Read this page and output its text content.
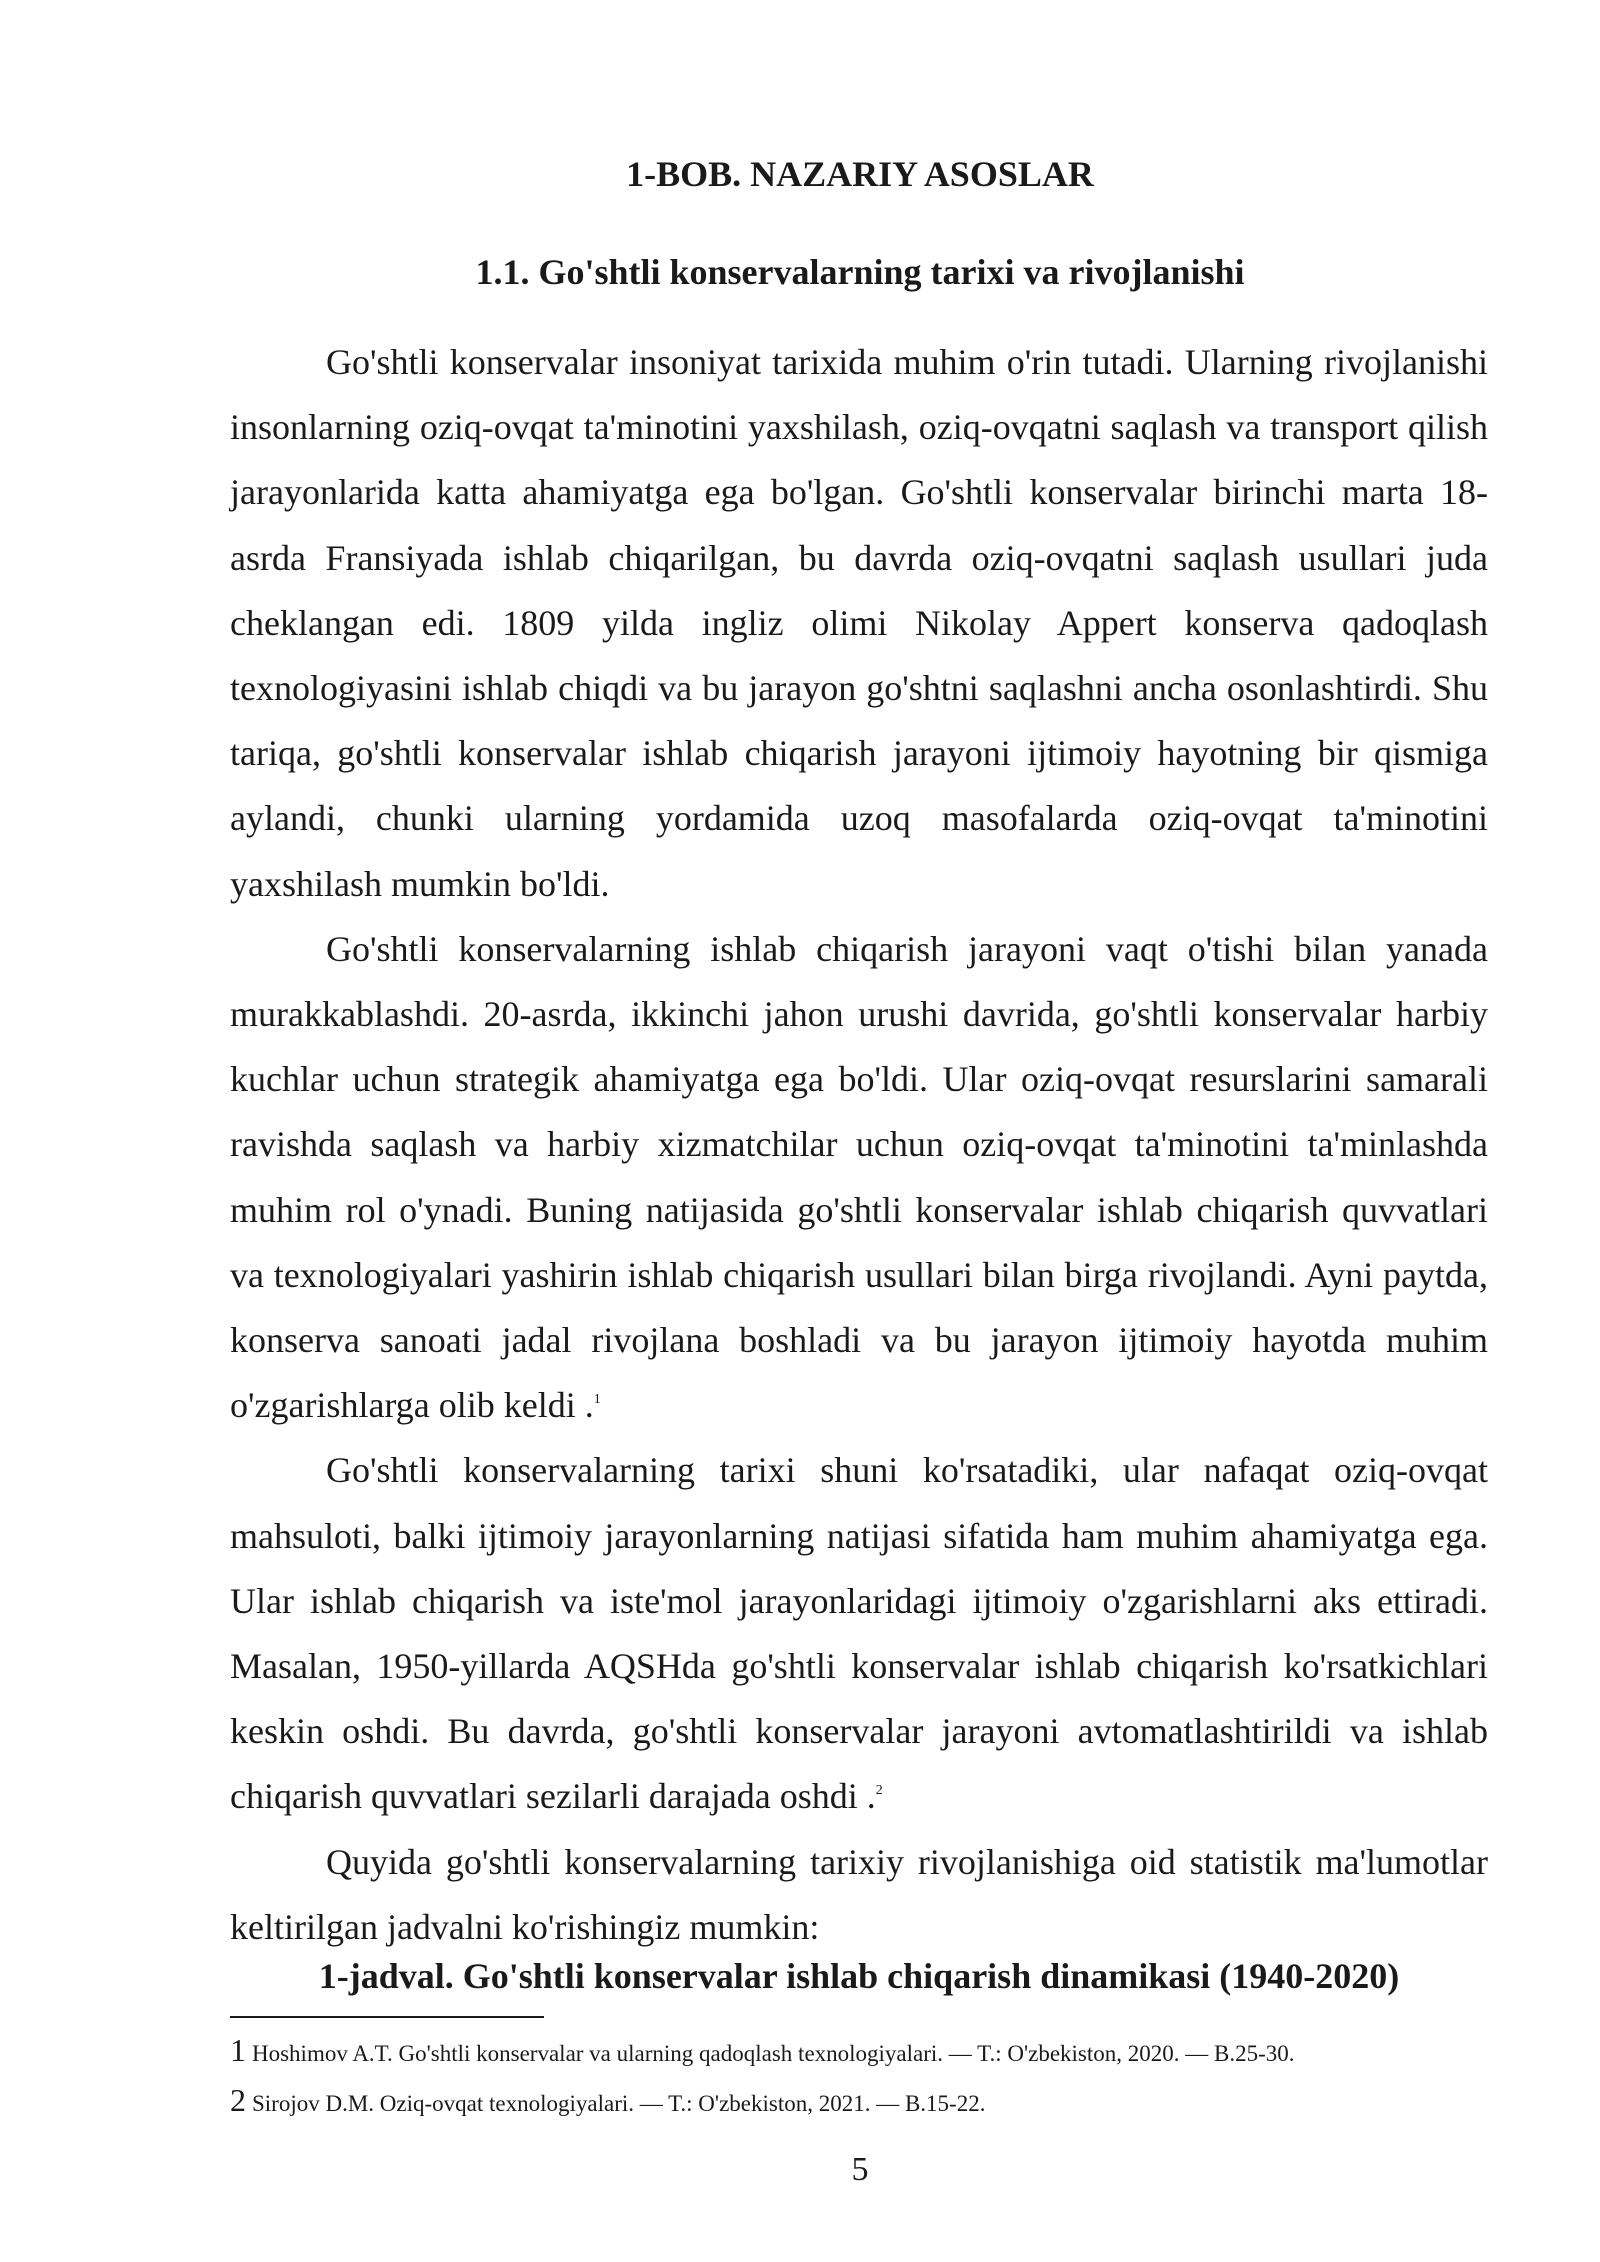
1-BOB. NAZARIY ASOSLAR
1.1. Go'shtli konservalarning tarixi va rivojlanishi

Go'shtli konservalar insoniyat tarixida muhim o'rin tutadi. Ularning rivojlanishi insonlarning oziq-ovqat ta'minotini yaxshilash, oziq-ovqatni saqlash va transport qilish jarayonlarida katta ahamiyatga ega bo'lgan. Go'shtli konservalar birinchi marta 18-asrda Fransiyada ishlab chiqarilgan, bu davrda oziq-ovqatni saqlash usullari juda cheklangan edi. 1809 yilda ingliz olimi Nikolay Appert konserva qadoqlash texnologiyasini ishlab chiqdi va bu jarayon go'shtni saqlashni ancha osonlashtirdi. Shu tariqa, go'shtli konservalar ishlab chiqarish jarayoni ijtimoiy hayotning bir qismiga aylandi, chunki ularning yordamida uzoq masofalarda oziq-ovqat ta'minotini yaxshilash mumkin bo'ldi.

Go'shtli konservalarning ishlab chiqarish jarayoni vaqt o'tishi bilan yanada murakkablashdi. 20-asrda, ikkinchi jahon urushi davrida, go'shtli konservalar harbiy kuchlar uchun strategik ahamiyatga ega bo'ldi. Ular oziq-ovqat resurslarini samarali ravishda saqlash va harbiy xizmatchilar uchun oziq-ovqat ta'minotini ta'minlashda muhim rol o'ynadi. Buning natijasida go'shtli konservalar ishlab chiqarish quvvatlari va texnologiyalari yashirin ishlab chiqarish usullari bilan birga rivojlandi. Ayni paytda, konserva sanoati jadal rivojlana boshladi va bu jarayon ijtimoiy hayotda muhim o'zgarishlarga olib keldi .$^1$

Go'shtli konservalarning tarixi shuni ko'rsatadiki, ular nafaqat oziq-ovqat mahsuloti, balki ijtimoiy jarayonlarning natijasi sifatida ham muhim ahamiyatga ega. Ular ishlab chiqarish va iste'mol jarayonlaridagi ijtimoiy o'zgarishlarni aks ettiradi. Masalan, 1950-yillarda AQSHda go'shtli konservalar ishlab chiqarish ko'rsatkichlari keskin oshdi. Bu davrda, go'shtli konservalar jarayoni avtomatlashtirildi va ishlab chiqarish quvvatlari sezilarli darajada oshdi .$^2$

Quyida go'shtli konservalarning tarixiy rivojlanishiga oid statistik ma'lumotlar keltirilgan jadvalni ko'rishingiz mumkin:

1-jadval. Go'shtli konservalar ishlab chiqarish dinamikasi (1940-2020)

1 Hoshimov A.T. Go'shtli konservalar va ularning qadoqlash texnologiyalari. — T.: O'zbekiston, 2020. — B.25-30.

2 Sirojov D.M. Oziq-ovqat texnologiyalari. — T.: O'zbekiston, 2021. — B.15-22.

5
